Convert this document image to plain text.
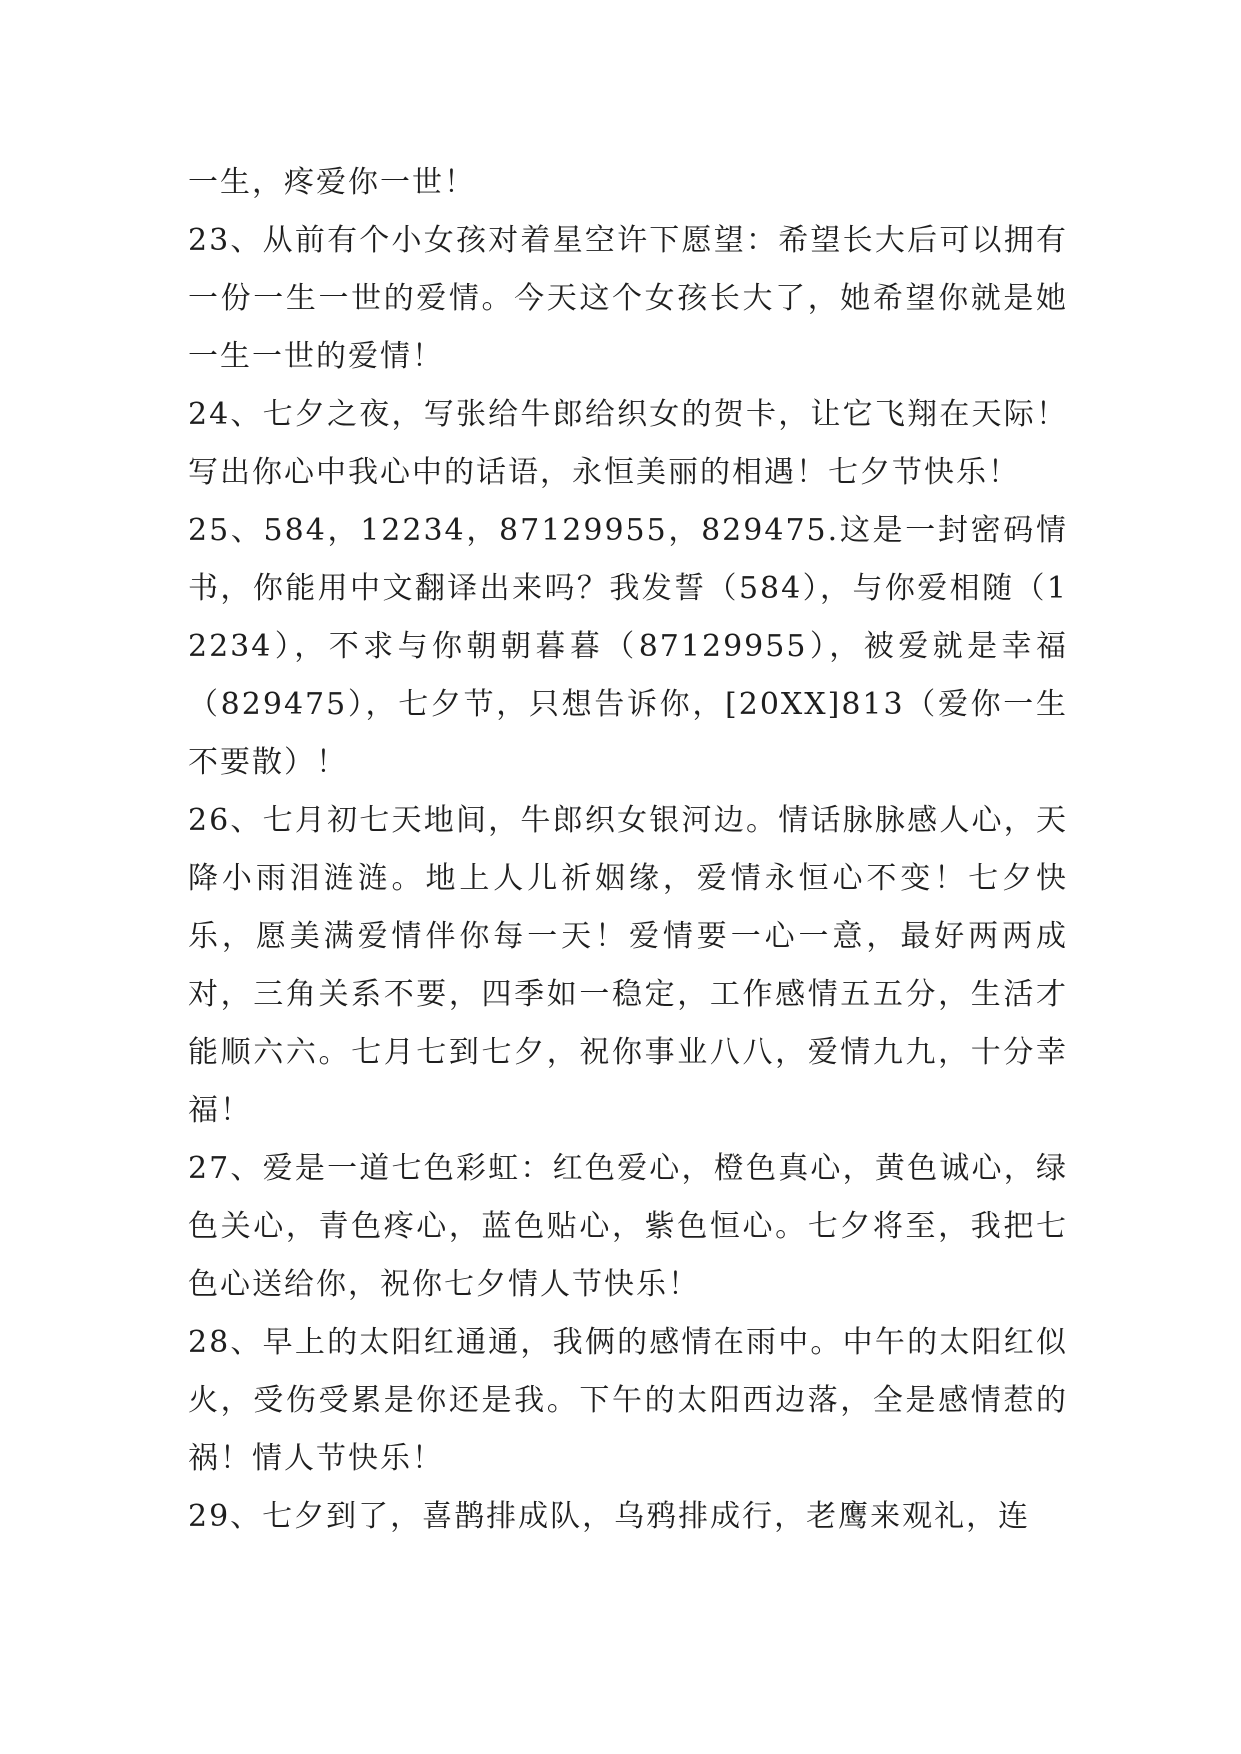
一生，疼爱你一世！

23、从前有个小女孩对着星空许下愿望：希望长大后可以拥有一份一生一世的爱情。今天这个女孩长大了，她希望你就是她一生一世的爱情！

24、七夕之夜，写张给牛郎给织女的贺卡，让它飞翔在天际！写出你心中我心中的话语，永恒美丽的相遇！七夕节快乐！

25、584，12234，87129955，829475.这是一封密码情书，你能用中文翻译出来吗？我发誓（584），与你爱相随（12234），不求与你朝朝暮暮（87129955），被爱就是幸福（829475），七夕节，只想告诉你，[20XX]813（爱你一生不要散）！

26、七月初七天地间，牛郎织女银河边。情话脉脉感人心，天降小雨泪涟涟。地上人儿祈姻缘，爱情永恒心不变！七夕快乐，愿美满爱情伴你每一天！爱情要一心一意，最好两两成对，三角关系不要，四季如一稳定，工作感情五五分，生活才能顺六六。七月七到七夕，祝你事业八八，爱情九九，十分幸福！

27、爱是一道七色彩虹：红色爱心，橙色真心，黄色诚心，绿色关心，青色疼心，蓝色贴心，紫色恒心。七夕将至，我把七色心送给你，祝你七夕情人节快乐！

28、早上的太阳红通通，我俩的感情在雨中。中午的太阳红似火，受伤受累是你还是我。下午的太阳西边落，全是感情惹的祸！情人节快乐！

29、七夕到了，喜鹊排成队，乌鸦排成行，老鹰来观礼，连
